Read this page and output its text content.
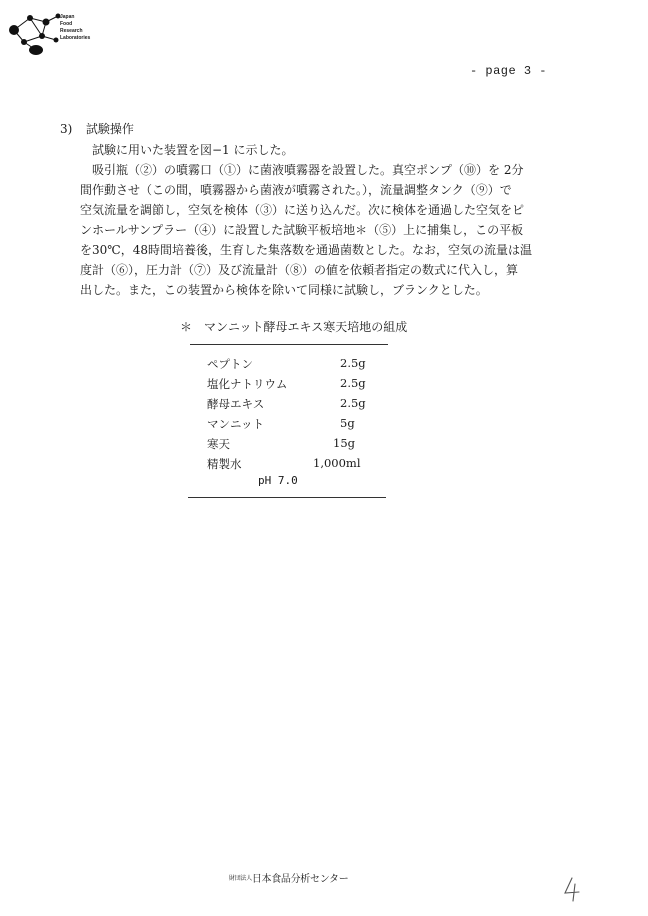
Japan
Food
Research
Laboratories
- page 3 -
3) 試験操作
試験に用いた装置を図−1 に示した。
吸引瓶（②）の噴霧口（①）に菌液噴霧器を設置した。真空ポンプ（⑩）を 2分
間作動させ（この間，噴霧器から菌液が噴霧された。），流量調整タンク（⑨）で
空気流量を調節し，空気を検体（③）に送り込んだ。次に検体を通過した空気をピ
ンホールサンプラー（④）に設置した試験平板培地＊（⑤）上に捕集し，この平板
を30℃，48時間培養後，生育した集落数を通過菌数とした。なお，空気の流量は温
度計（⑥），圧力計（⑦）及び流量計（⑧）の値を依頼者指定の数式に代入し，算
出した。また，この装置から検体を除いて同様に試験し，ブランクとした。
＊　マンニット酵母エキス寒天培地の組成
ペプトン	2.5g
塩化ナトリウム	2.5g
酵母エキス	2.5g
マンニット	5g
寒天	15g
精製水	1,000ml
pH 7.0
$^{財団法人}$日本食品分析センター
